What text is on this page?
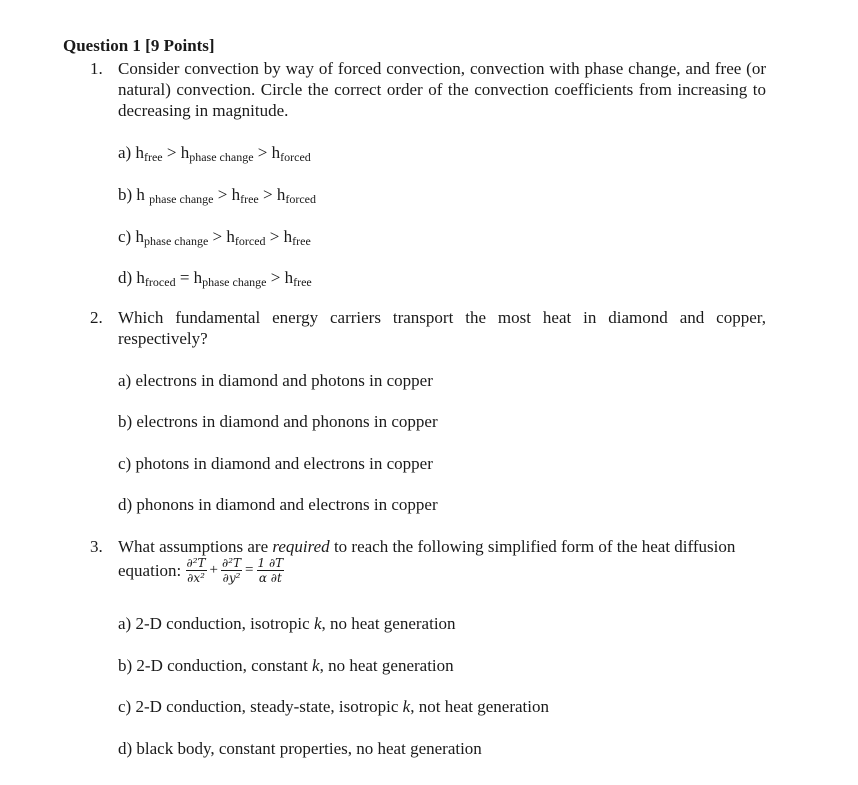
Question 1 [9 Points]
1. Consider convection by way of forced convection, convection with phase change, and free (or natural) convection. Circle the correct order of the convection coefficients from increasing to decreasing in magnitude.
a) $h_{free} > h_{phase change} > h_{forced}$
b) h $_{phase change} > h_{free} > h_{forced}$
c) $h_{phase change} > h_{forced} > h_{free}$
d) $h_{froced} = h_{phase change} > h_{free}$
2. Which fundamental energy carriers transport the most heat in diamond and copper, respectively?
a) electrons in diamond and photons in copper
b) electrons in diamond and phonons in copper
c) photons in diamond and electrons in copper
d) phonons in diamond and electrons in copper
3. What assumptions are required to reach the following simplified form of the heat diffusion
equation: $\frac{\text{∂²T}}{\text{∂x²}} + \frac{\text{∂²T}}{\text{∂y²}} = \frac{1 \partial T}{\alpha \partial t}$
a) 2-D conduction, isotropic k, no heat generation
b) 2-D conduction, constant k, no heat generation
c) 2-D conduction, steady-state, isotropic k, not heat generation
d) black body, constant properties, no heat generation
